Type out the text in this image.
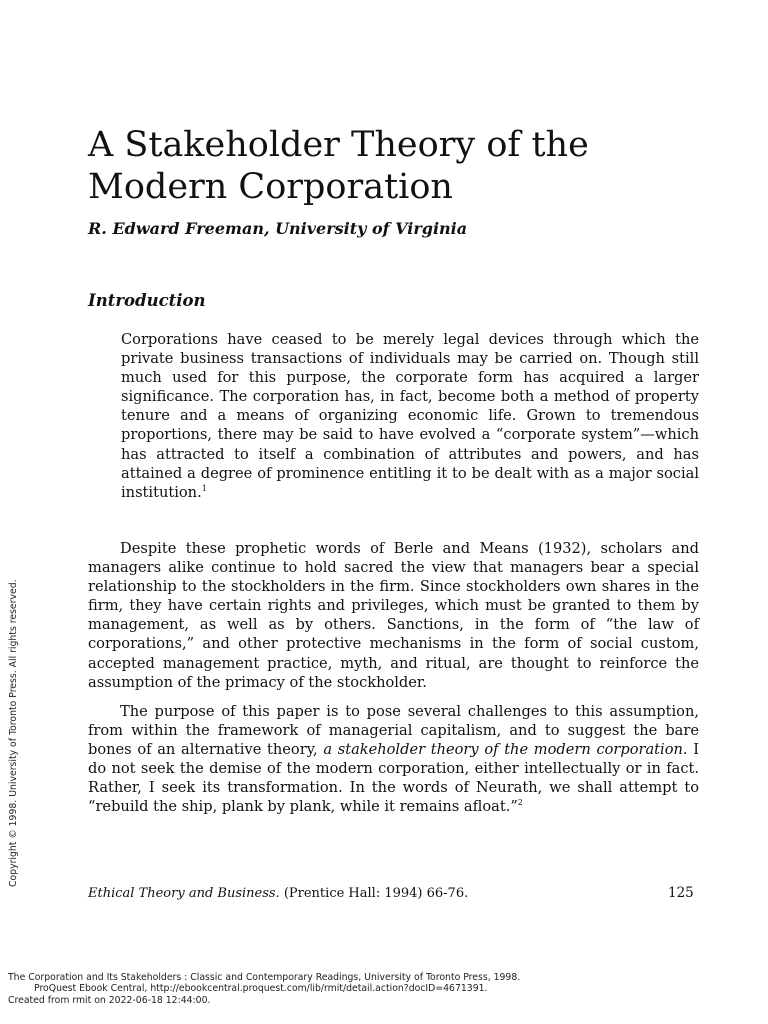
A Stakeholder Theory of the
Modern Corporation
R. Edward Freeman, University of Virginia
Introduction

Corporations have ceased to be merely legal devices through which the private business transactions of individuals may be carried on. Though still much used for this purpose, the corporate form has acquired a larger significance. The corporation has, in fact, become both a method of property tenure and a means of organizing economic life. Grown to tremendous proportions, there may be said to have evolved a “corporate system”—which has attracted to itself a combination of attributes and powers, and has attained a degree of prominence entitling it to be dealt with as a major social institution.$^1$

Despite these prophetic words of Berle and Means (1932), scholars and managers alike continue to hold sacred the view that managers bear a special relationship to the stockholders in the firm. Since stockholders own shares in the firm, they have certain rights and privileges, which must be granted to them by management, as well as by others. Sanctions, in the form of “the law of corporations,” and other protective mechanisms in the form of social custom, accepted management practice, myth, and ritual, are thought to reinforce the assumption of the primacy of the stockholder.

The purpose of this paper is to pose several challenges to this assumption, from within the framework of managerial capitalism, and to suggest the bare bones of an alternative theory, a stakeholder theory of the modern corporation. I do not seek the demise of the modern corporation, either intellectually or in fact. Rather, I seek its transformation. In the words of Neurath, we shall attempt to “rebuild the ship, plank by plank, while it remains afloat.”$^2$

Ethical Theory and Business. (Prentice Hall: 1994) 66-76.	125
Copyright © 1998. University of Toronto Press. All rights reserved.
The Corporation and Its Stakeholders : Classic and Contemporary Readings, University of Toronto Press, 1998.
ProQuest Ebook Central, http://ebookcentral.proquest.com/lib/rmit/detail.action?docID=4671391.
Created from rmit on 2022-06-18 12:44:00.
